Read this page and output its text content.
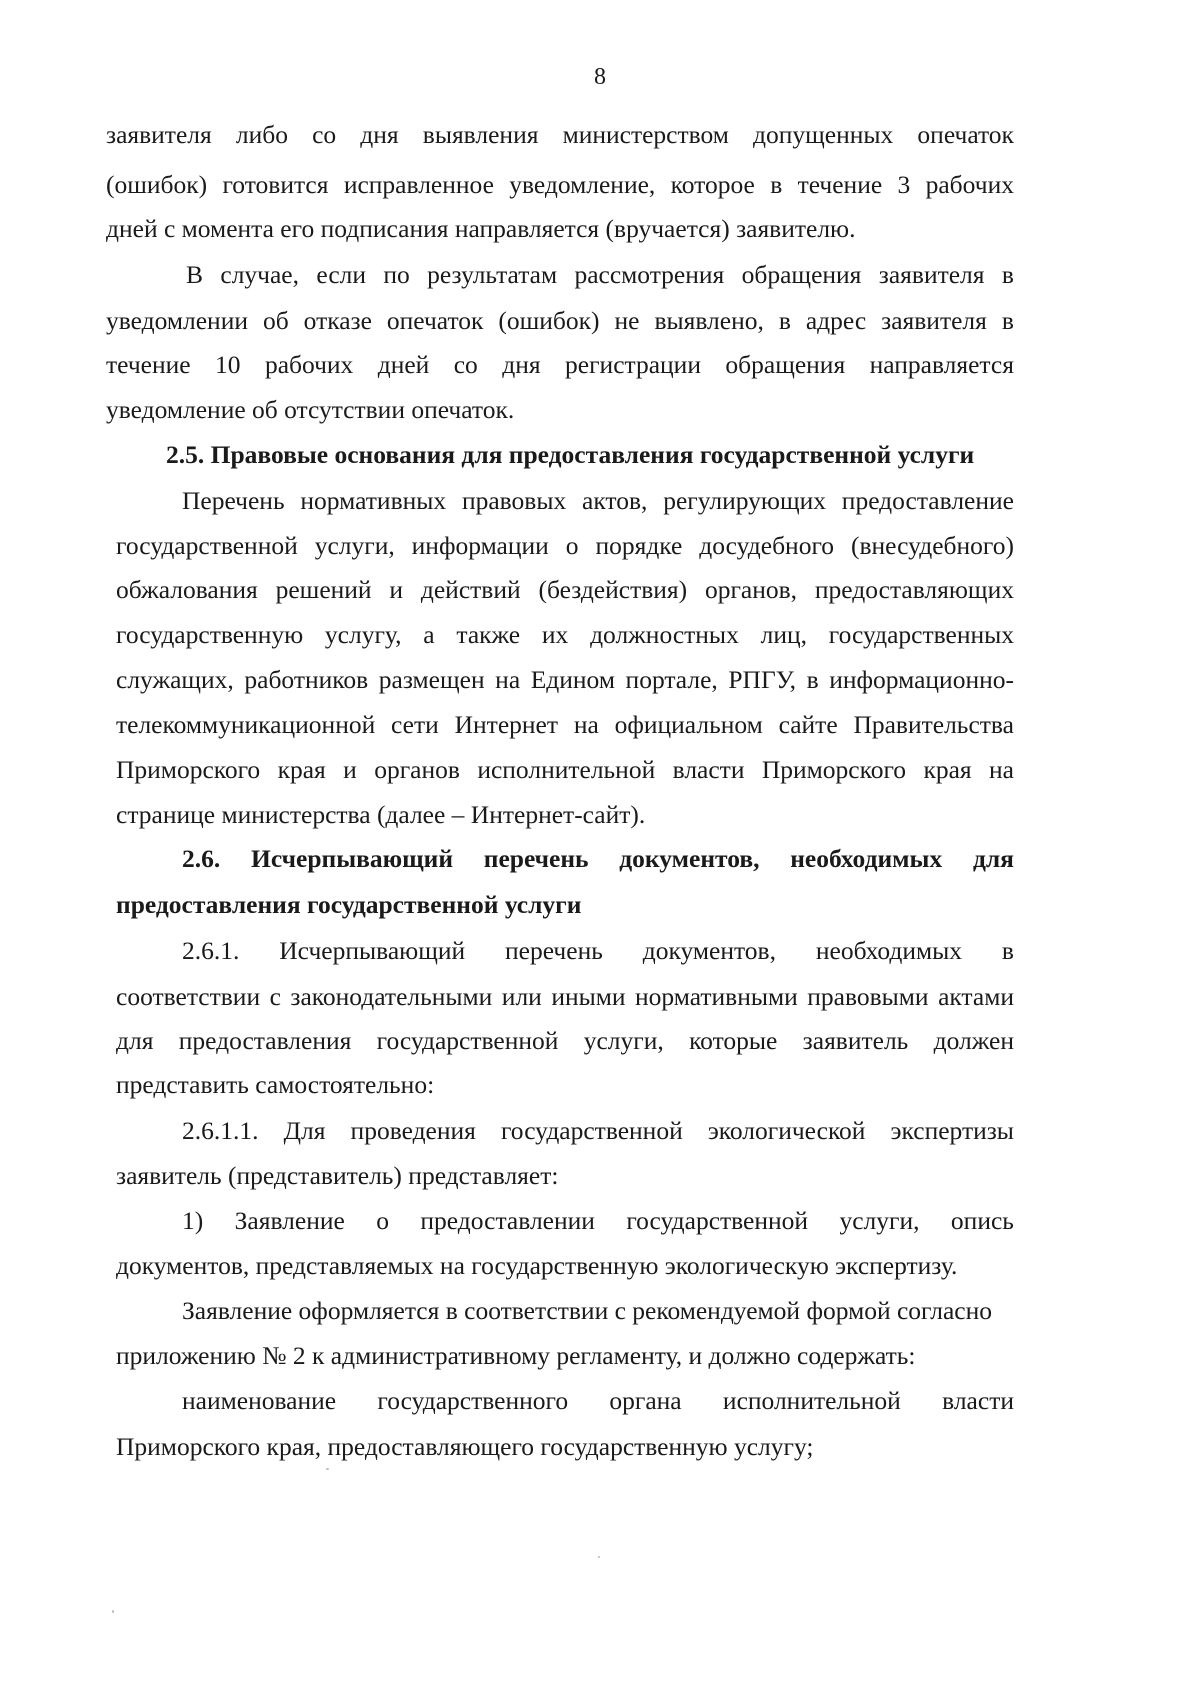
8
заявителя либо со дня выявления министерством допущенных опечаток
(ошибок) готовится исправленное уведомление, которое в течение 3 рабочих
дней с момента его подписания направляется (вручается) заявителю.
В случае, если по результатам рассмотрения обращения заявителя в
уведомлении об отказе опечаток (ошибок) не выявлено, в адрес заявителя в
течение 10 рабочих дней со дня регистрации обращения направляется
уведомление об отсутствии опечаток.
2.5. Правовые основания для предоставления государственной услуги
Перечень нормативных правовых актов, регулирующих предоставление
государственной услуги, информации о порядке досудебного (внесудебного)
обжалования решений и действий (бездействия) органов, предоставляющих
государственную услугу, а также их должностных лиц, государственных
служащих, работников размещен на Едином портале, РПГУ, в информационно-
телекоммуникационной сети Интернет на официальном сайте Правительства
Приморского края и органов исполнительной власти Приморского края на
странице министерства (далее – Интернет-сайт).
2.6. Исчерпывающий перечень документов, необходимых для
предоставления государственной услуги
2.6.1. Исчерпывающий перечень документов, необходимых в
соответствии с законодательными или иными нормативными правовыми актами
для предоставления государственной услуги, которые заявитель должен
представить самостоятельно:
2.6.1.1. Для проведения государственной экологической экспертизы
заявитель (представитель) представляет:
1) Заявление о предоставлении государственной услуги, опись
документов, представляемых на государственную экологическую экспертизу.
Заявление оформляется в соответствии с рекомендуемой формой согласно
приложению № 2 к административному регламенту, и должно содержать:
наименование государственного органа исполнительной власти
Приморского края, предоставляющего государственную услугу;
